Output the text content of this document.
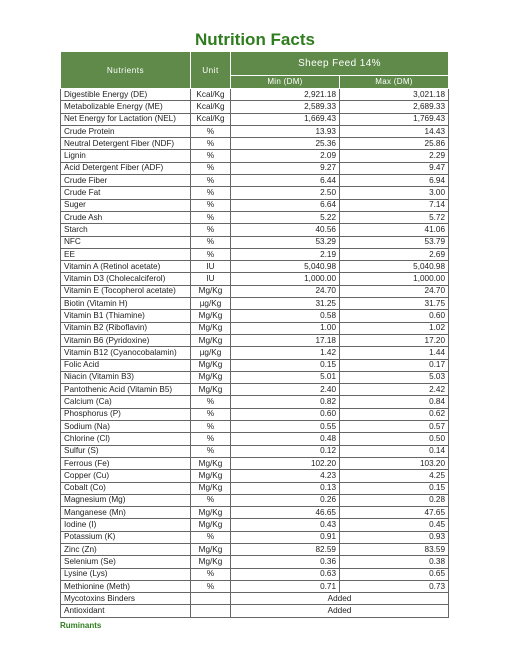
Nutrition Facts
Nutrients	Unit	Sheep Feed 14%	
		Min (DM)	Max (DM)
Digestible Energy (DE)	Kcal/Kg	2,921.18	3,021.18
Metabolizable Energy (ME)	Kcal/Kg	2,589.33	2,689.33
Net Energy for Lactation (NEL)	Kcal/Kg	1,669.43	1,769.43
Crude Protein	%	13.93	14.43
Neutral Detergent Fiber (NDF)	%	25.36	25.86
Lignin	%	2.09	2.29
Acid Detergent Fiber (ADF)	%	9.27	9.47
Crude Fiber	%	6.44	6.94
Crude Fat	%	2.50	3.00
Suger	%	6.64	7.14
Crude Ash	%	5.22	5.72
Starch	%	40.56	41.06
NFC	%	53.29	53.79
EE	%	2.19	2.69
Vitamin A (Retinol acetate)	IU	5,040.98	5,040.98
Vitamin D3 (Cholecalciferol)	IU	1,000.00	1,000.00
Vitamin E (Tocopherol acetate)	Mg/Kg	24.70	24.70
Biotin (Vitamin H)	µg/Kg	31.25	31.75
Vitamin B1 (Thiamine)	Mg/Kg	0.58	0.60
Vitamin B2 (Riboflavin)	Mg/Kg	1.00	1.02
Vitamin B6 (Pyridoxine)	Mg/Kg	17.18	17.20
Vitamin B12 (Cyanocobalamin)	µg/Kg	1.42	1.44
Folic Acid	Mg/Kg	0.15	0.17
Niacin (Vitamin B3)	Mg/Kg	5.01	5.03
Pantothenic Acid (Vitamin B5)	Mg/Kg	2.40	2.42
Calcium (Ca)	%	0.82	0.84
Phosphorus (P)	%	0.60	0.62
Sodium (Na)	%	0.55	0.57
Chlorine (Cl)	%	0.48	0.50
Sulfur (S)	%	0.12	0.14
Ferrous (Fe)	Mg/Kg	102.20	103.20
Copper (Cu)	Mg/Kg	4.23	4.25
Cobalt (Co)	Mg/Kg	0.13	0.15
Magnesium (Mg)	%	0.26	0.28
Manganese (Mn)	Mg/Kg	46.65	47.65
Iodine (I)	Mg/Kg	0.43	0.45
Potassium (K)	%	0.91	0.93
Zinc (Zn)	Mg/Kg	82.59	83.59
Selenium (Se)	Mg/Kg	0.36	0.38
Lysine (Lys)	%	0.63	0.65
Methionine (Meth)	%	0.71	0.73
Mycotoxins Binders		Added	
Antioxidant		Added	
Ruminants
